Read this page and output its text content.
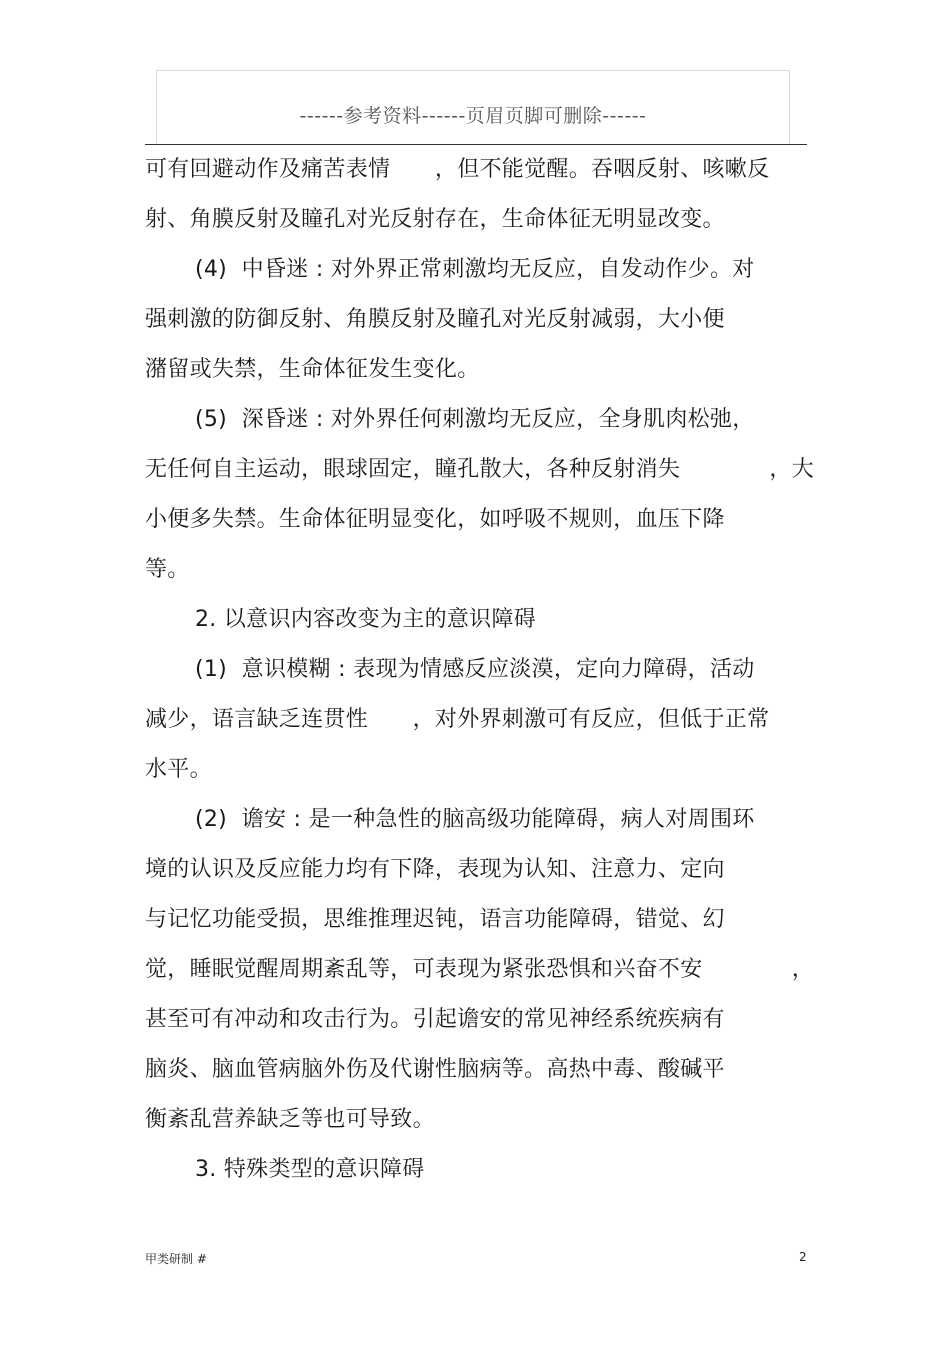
------参考资料------页眉页脚可删除------
可有回避动作及痛苦表情　　，但不能觉醒。吞咽反射、咳嗽反
射、角膜反射及瞳孔对光反射存在，生命体征无明显改变。
(4)  中昏迷 : 对外界正常刺激均无反应，自发动作少。对
强刺激的防御反射、角膜反射及瞳孔对光反射减弱，大小便
潴留或失禁，生命体征发生变化。
(5)  深昏迷 : 对外界任何刺激均无反应，全身肌肉松弛，
无任何自主运动，眼球固定，瞳孔散大，各种反射消失　　　　，大
小便多失禁。生命体征明显变化，如呼吸不规则，血压下降
等。
2. 以意识内容改变为主的意识障碍
(1)  意识模糊 : 表现为情感反应淡漠，定向力障碍，活动
减少，语言缺乏连贯性　　，对外界刺激可有反应，但低于正常
水平。
(2)  谵安 : 是一种急性的脑高级功能障碍，病人对周围环
境的认识及反应能力均有下降，表现为认知、注意力、定向
与记忆功能受损，思维推理迟钝，语言功能障碍，错觉、幻
觉，睡眠觉醒周期紊乱等，可表现为紧张恐惧和兴奋不安　　　　，
甚至可有冲动和攻击行为。引起谵安的常见神经系统疾病有
脑炎、脑血管病脑外伤及代谢性脑病等。高热中毒、酸碱平
衡紊乱营养缺乏等也可导致。
3. 特殊类型的意识障碍
甲类研制 #	2
